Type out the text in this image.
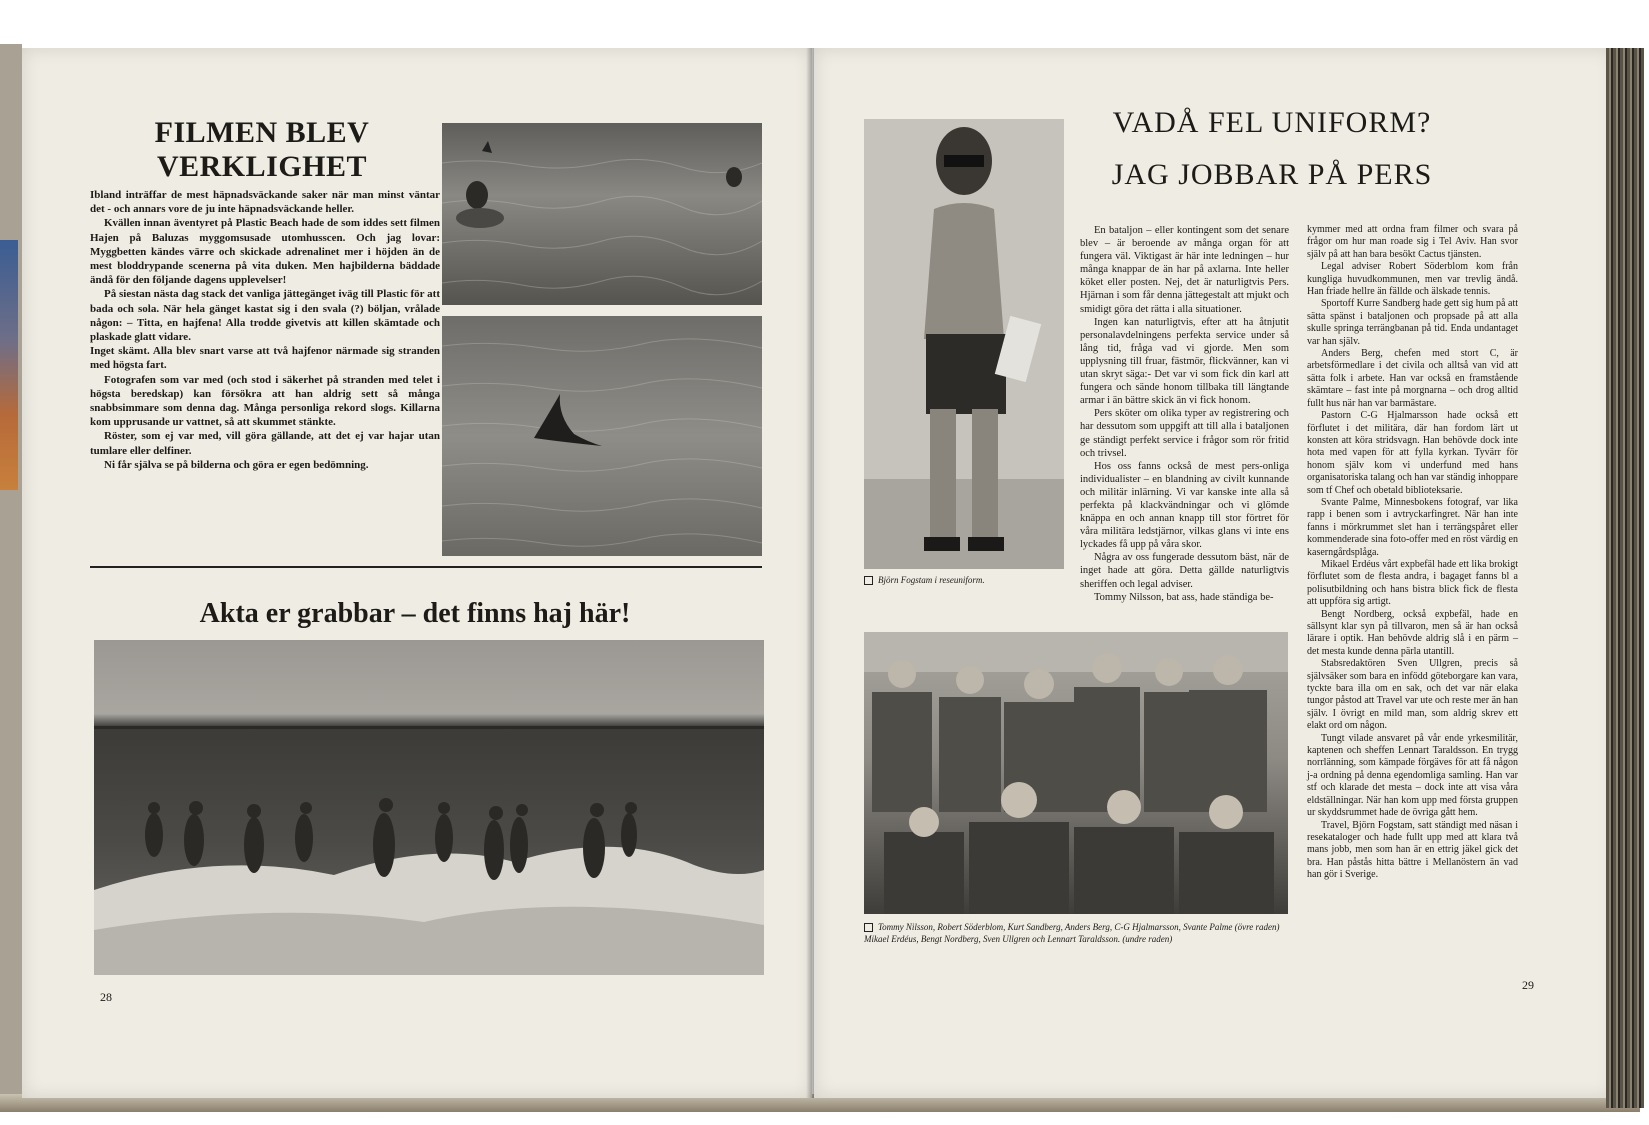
FILMEN BLEV VERKLIGHET

Ibland inträffar de mest häpnadsväckande saker när man minst väntar det - och annars vore de ju inte häpnadsväckande heller.

Kvällen innan äventyret på Plastic Beach hade de som iddes sett filmen Hajen på Baluzas myggomsusade utomhusscen. Och jag lovar: Myggbetten kändes värre och skickade adrenalinet mer i höjden än de mest bloddrypande scenerna på vita duken. Men hajbilderna bäddade ändå för den följande dagens upplevelser!

På siestan nästa dag stack det vanliga jättegänget iväg till Plastic för att bada och sola. När hela gänget kastat sig i den svala (?) böljan, vrålade någon: – Titta, en hajfena! Alla trodde givetvis att killen skämtade och plaskade glatt vidare.

Inget skämt. Alla blev snart varse att två hajfenor närmade sig stranden med högsta fart.

Fotografen som var med (och stod i säkerhet på stranden med telet i högsta beredskap) kan försökra att han aldrig sett så många snabbsimmare som denna dag. Många personliga rekord slogs. Killarna kom upprusande ur vattnet, så att skummet stänkte.

Röster, som ej var med, vill göra gällande, att det ej var hajar utan tumlare eller delfiner.

Ni får själva se på bilderna och göra er egen bedömning.

Akta er grabbar – det finns haj här!
28
Björn Fogstam i reseuniform.
VADÅ FEL UNIFORM?
JAG JOBBAR PÅ PERS

En bataljon – eller kontingent som det senare blev – är beroende av många organ för att fungera väl. Viktigast är här inte ledningen – hur många knappar de än har på axlarna. Inte heller köket eller posten. Nej, det är naturligtvis Pers. Hjärnan i som får denna jättegestalt att mjukt och smidigt göra det rätta i alla situationer.

Ingen kan naturligtvis, efter att ha åtnjutit personalavdelningens perfekta service under så lång tid, fråga vad vi gjorde. Men som upplysning till fruar, fästmör, flickvänner, kan vi utan skryt säga:- Det var vi som fick din karl att fungera och sände honom tillbaka till längtande armar i än bättre skick än vi fick honom.

Pers sköter om olika typer av registrering och har dessutom som uppgift att till alla i bataljonen ge ständigt perfekt service i frågor som rör fritid och trivsel.

Hos oss fanns också de mest pers-onliga individualister – en blandning av civilt kunnande och militär inlärning. Vi var kanske inte alla så perfekta på klackvändningar och vi glömde knäppa en och annan knapp till stor förtret för våra militära ledstjärnor, vilkas glans vi inte ens lyckades få upp på våra skor.

Några av oss fungerade dessutom bäst, när de inget hade att göra. Detta gällde naturligtvis sheriffen och legal adviser.

Tommy Nilsson, bat ass, hade ständiga be-

kymmer med att ordna fram filmer och svara på frågor om hur man roade sig i Tel Aviv. Han svor själv på att han bara besökt Cactus tjänsten.

Legal adviser Robert Söderblom kom från kungliga huvudkommunen, men var trevlig ändå. Han friade hellre än fällde och älskade tennis.

Sportoff Kurre Sandberg hade gett sig hum på att sätta spänst i bataljonen och propsade på att alla skulle springa terrängbanan på tid. Enda undantaget var han själv.

Anders Berg, chefen med stort C, är arbetsförmedlare i det civila och alltså van vid att sätta folk i arbete. Han var också en framstående skämtare – fast inte på morgnarna – och drog alltid fullt hus när han var barmästare.

Pastorn C-G Hjalmarsson hade också ett förflutet i det militära, där han fordom lärt ut konsten att köra stridsvagn. Han behövde dock inte hota med vapen för att fylla kyrkan. Tyvärr för honom själv kom vi underfund med hans organisatoriska talang och han var ständig inhoppare som tf Chef och obetald biblioteksarie.

Svante Palme, Minnesbokens fotograf, var lika rapp i benen som i avtryckarfingret. När han inte fanns i mörkrummet slet han i terrängspåret eller kommenderade sina foto-offer med en röst värdig en kaserngårdsplåga.

Mikael Erdéus vårt expbefäl hade ett lika brokigt förflutet som de flesta andra, i bagaget fanns bl a polisutbildning och hans bistra blick fick de flesta att uppföra sig artigt.

Bengt Nordberg, också expbefäl, hade en sällsynt klar syn på tillvaron, men så är han också lärare i optik. Han behövde aldrig slå i en pärm – det mesta kunde denna pärla utantill.

Stabsredaktören Sven Ullgren, precis så självsäker som bara en infödd göteborgare kan vara, tyckte bara illa om en sak, och det var när elaka tungor påstod att Travel var ute och reste mer än han själv. I övrigt en mild man, som aldrig skrev ett elakt ord om någon.

Tungt vilade ansvaret på vår ende yrkesmilitär, kaptenen och sheffen Lennart Taraldsson. En trygg norrlänning, som kämpade förgäves för att få någon j-a ordning på denna egendomliga samling. Han var stf och klarade det mesta – dock inte att visa våra eldställningar. När han kom upp med första gruppen ur skyddsrummet hade de övriga gått hem.

Travel, Björn Fogstam, satt ständigt med näsan i resekataloger och hade fullt upp med att klara två mans jobb, men som han är en ettrig jäkel gick det bra. Han påstås hitta bättre i Mellanöstern än vad han gör i Sverige.

Tommy Nilsson, Robert Söderblom, Kurt Sandberg, Anders Berg, C-G Hjalmarsson, Svante Palme (övre raden) Mikael Erdéus, Bengt Nordberg, Sven Ullgren och Lennart Taraldsson. (undre raden)
29
